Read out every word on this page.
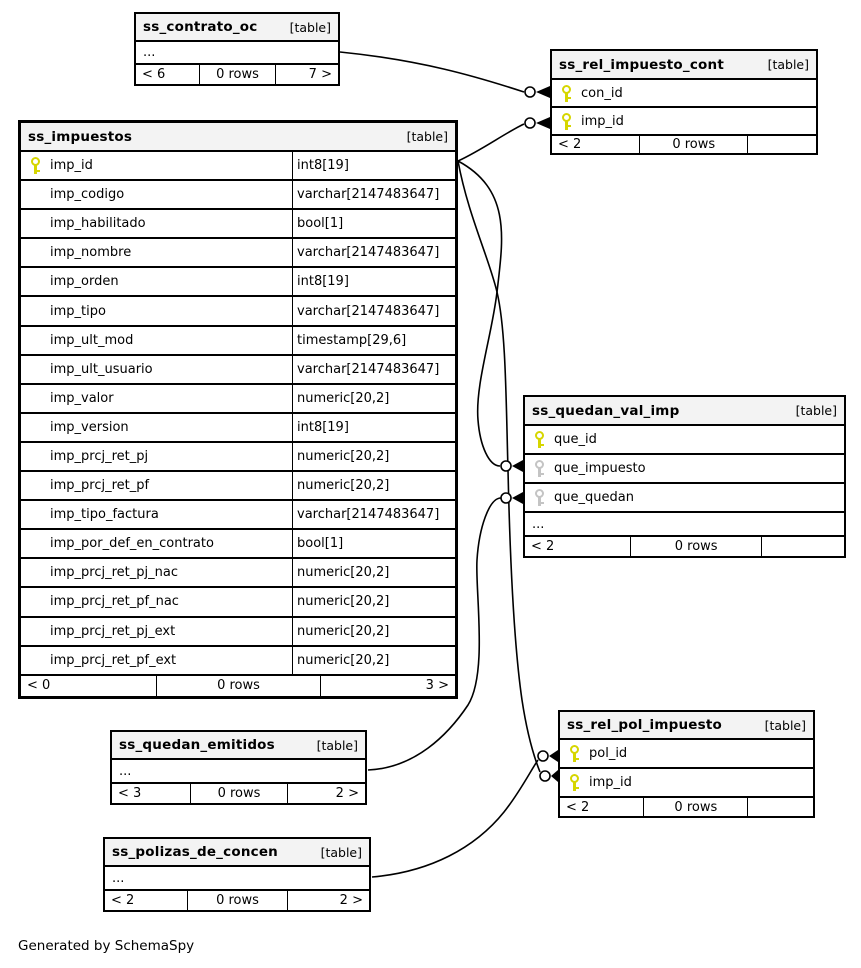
ss_contrato_oc	[table]
...
< 6	0 rows	7 >
ss_rel_impuesto_cont	[table]
con_id
imp_id
< 2	0 rows
ss_impuestos	[table]
imp_id	int8[19]
imp_codigo	varchar[2147483647]
imp_habilitado	bool[1]
imp_nombre	varchar[2147483647]
imp_orden	int8[19]
imp_tipo	varchar[2147483647]
imp_ult_mod	timestamp[29,6]
imp_ult_usuario	varchar[2147483647]
imp_valor	numeric[20,2]
imp_version	int8[19]
imp_prcj_ret_pj	numeric[20,2]
imp_prcj_ret_pf	numeric[20,2]
imp_tipo_factura	varchar[2147483647]
imp_por_def_en_contrato	bool[1]
imp_prcj_ret_pj_nac	numeric[20,2]
imp_prcj_ret_pf_nac	numeric[20,2]
imp_prcj_ret_pj_ext	numeric[20,2]
imp_prcj_ret_pf_ext	numeric[20,2]
< 0	0 rows	3 >
ss_quedan_val_imp	[table]
que_id
que_impuesto
que_quedan
...
< 2	0 rows
ss_quedan_emitidos	[table]
...
< 3	0 rows	2 >
ss_rel_pol_impuesto	[table]
pol_id
imp_id
< 2	0 rows
ss_polizas_de_concen	[table]
...
< 2	0 rows	2 >
Generated by SchemaSpy
